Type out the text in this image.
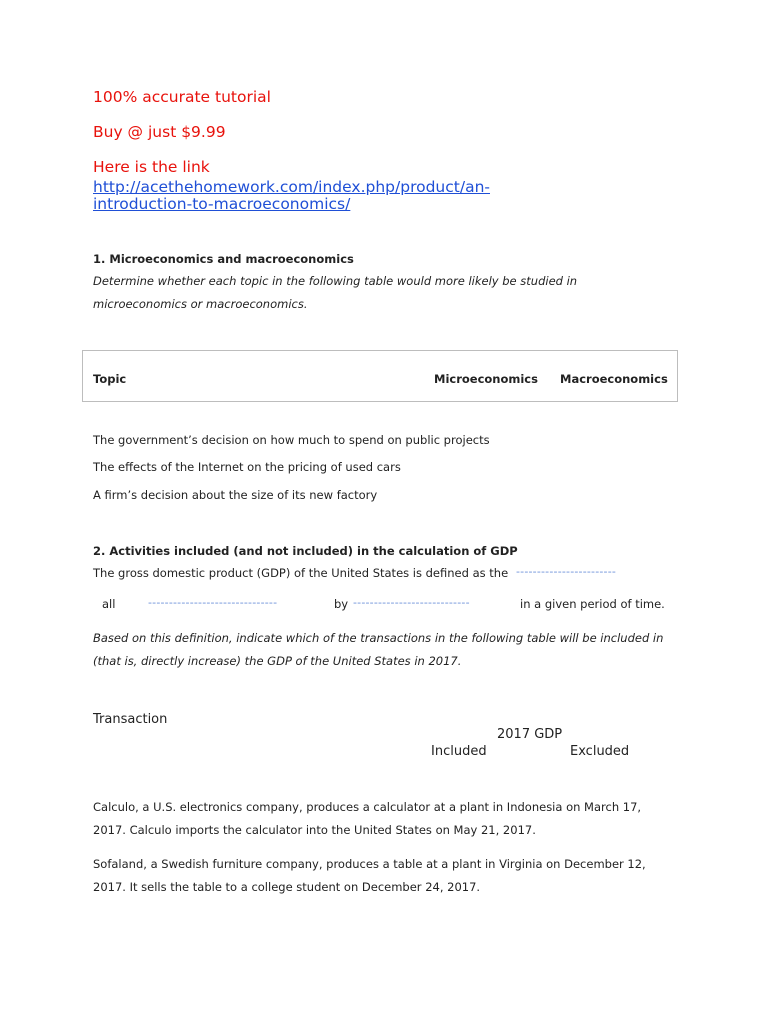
100% accurate tutorial
Buy @ just $9.99
Here is the link
http://acethehomework.com/index.php/product/an-
introduction-to-macroeconomics/
1. Microeconomics and macroeconomics
Determine whether each topic in the following table would more likely be studied in
microeconomics or macroeconomics.
Topic	Microeconomics Macroeconomics
The government’s decision on how much to spend on public projects
The effects of the Internet on the pricing of used cars
A firm’s decision about the size of its new factory
2. Activities included (and not included) in the calculation of GDP
The gross domestic product (GDP) of the United States is defined as the ------------------------
all	-------------------------------	by ----------------------------	in a given period of time.
Based on this definition, indicate which of the transactions in the following table will be included in
(that is, directly increase) the GDP of the United States in 2017.
Transaction
2017 GDP
Included	Excluded
Calculo, a U.S. electronics company, produces a calculator at a plant in Indonesia on March 17,
2017. Calculo imports the calculator into the United States on May 21, 2017.
Sofaland, a Swedish furniture company, produces a table at a plant in Virginia on December 12,
2017. It sells the table to a college student on December 24, 2017.
